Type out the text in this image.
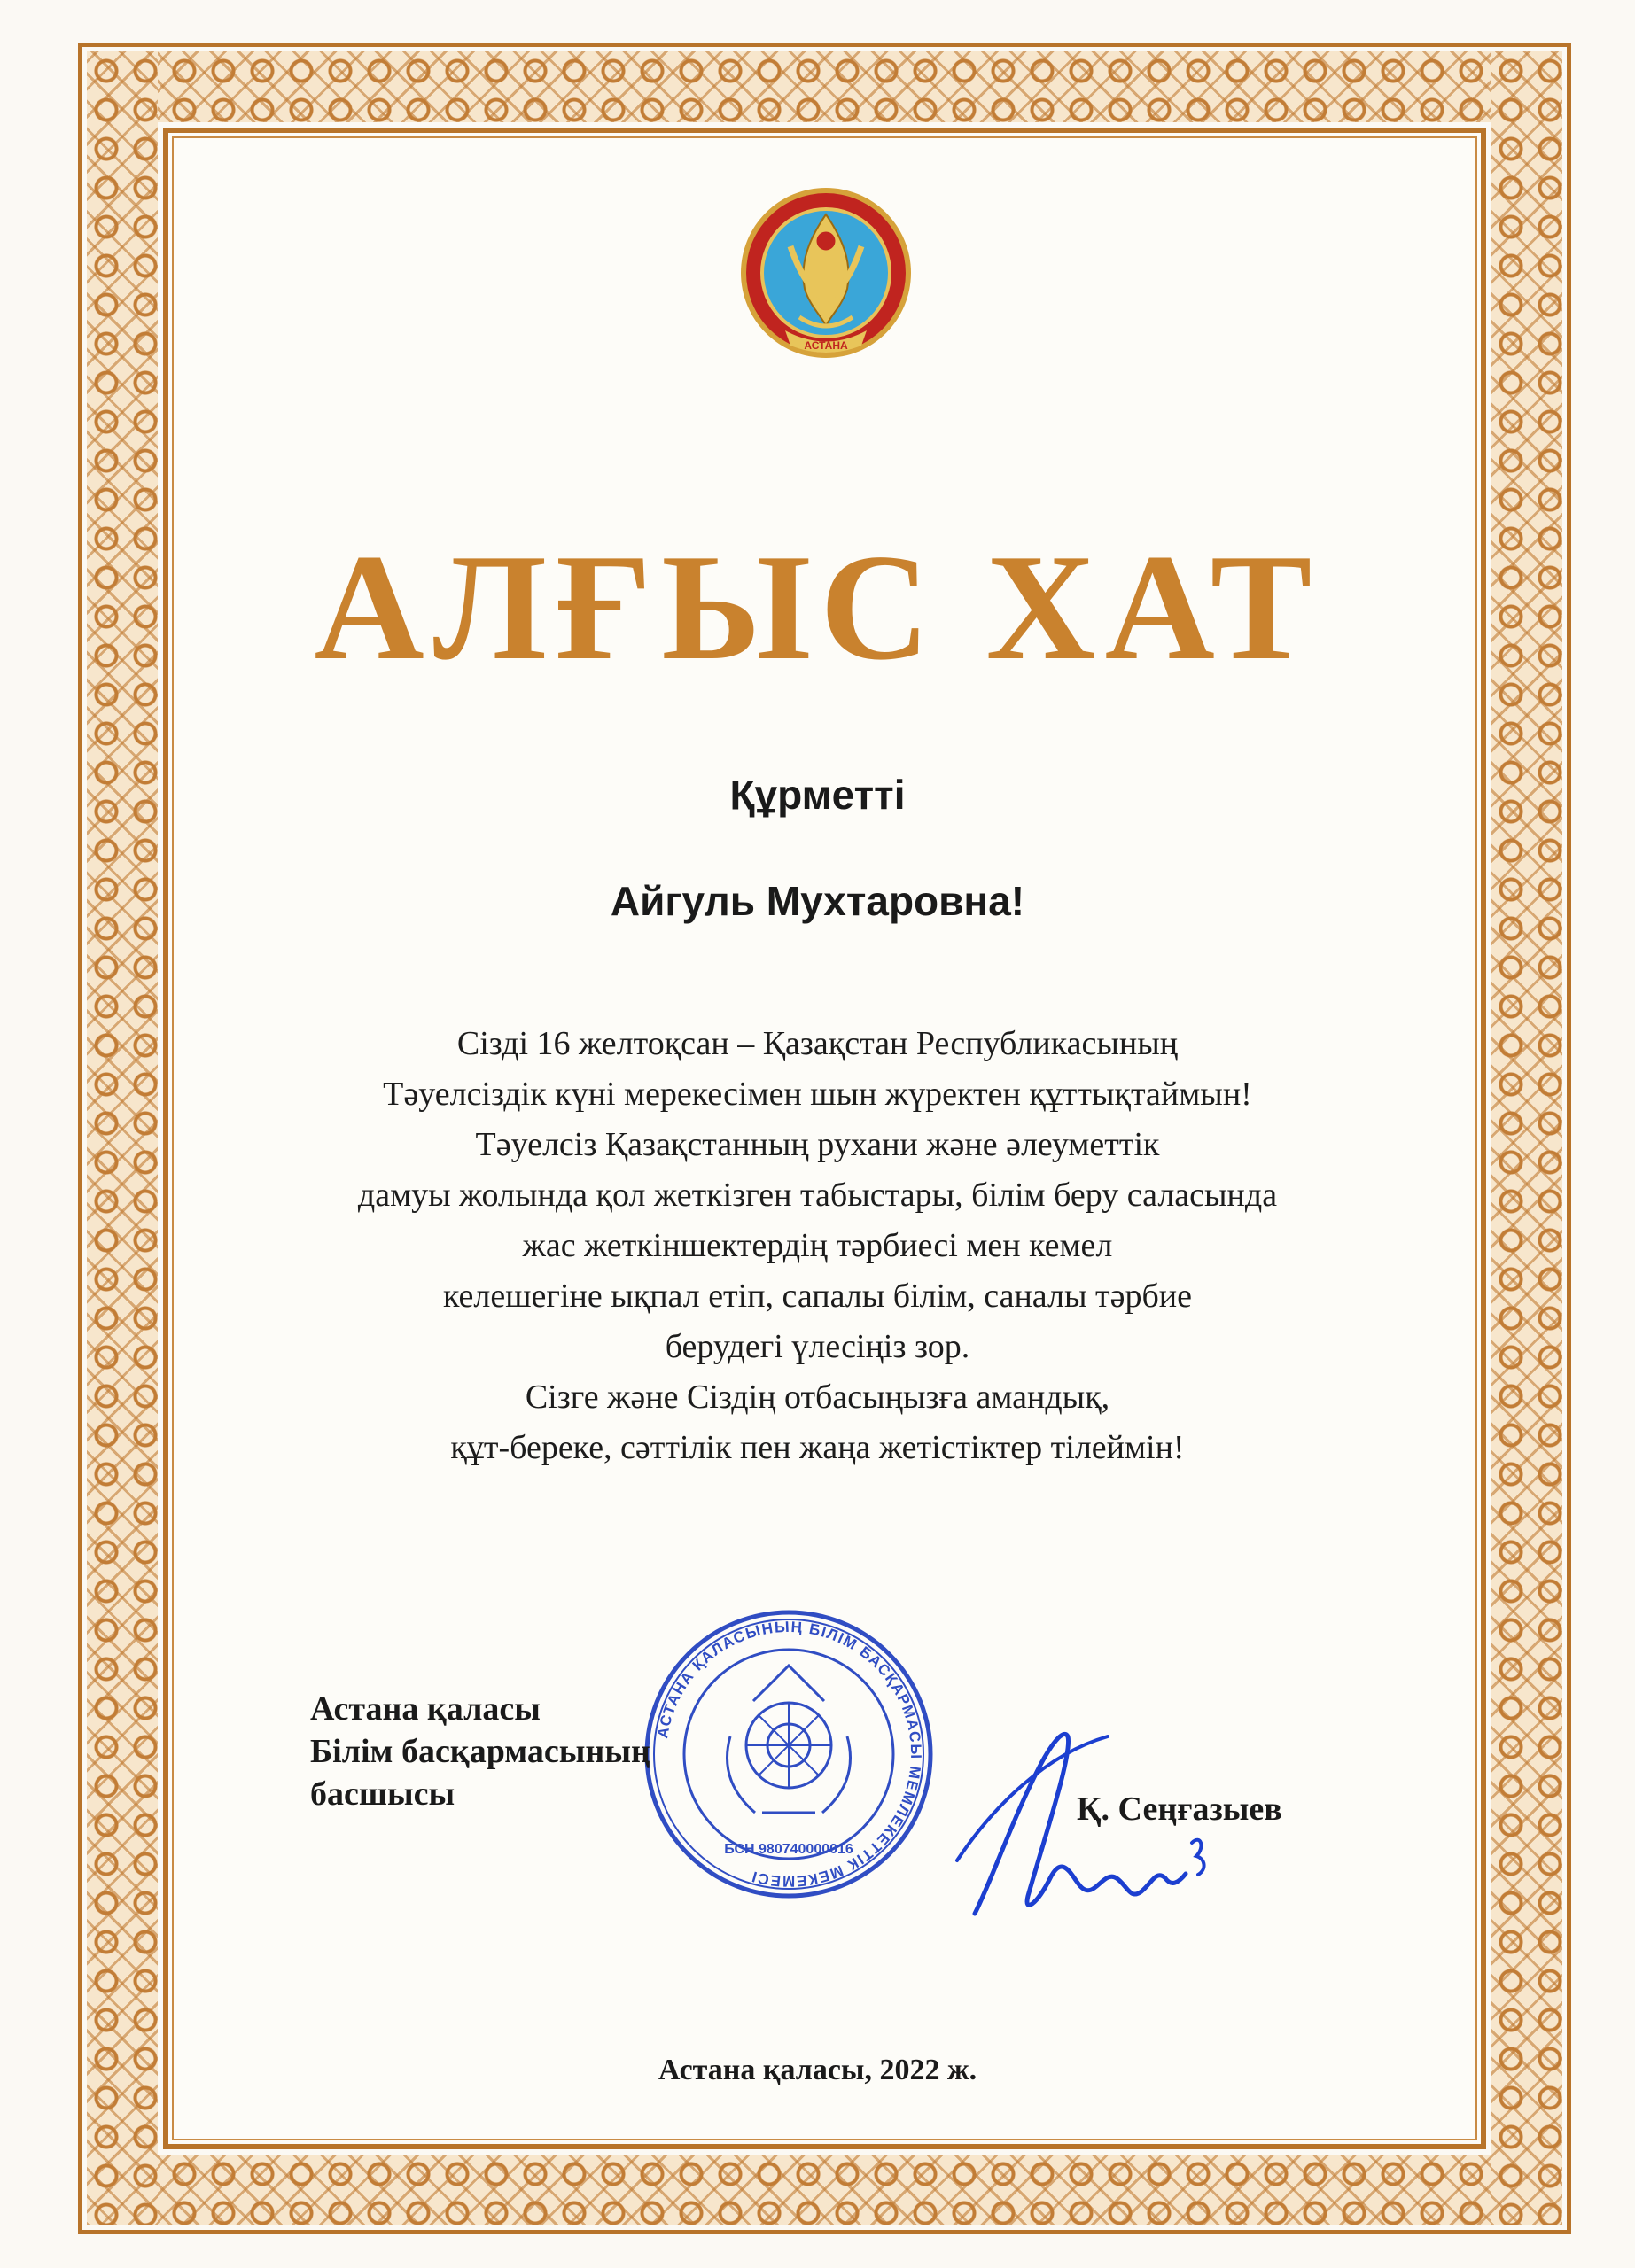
АСТАНА
АЛҒЫС ХАТ
Құрметті
Айгуль Мухтаровна!
Сізді 16 желтоқсан – Қазақстан Республикасының
Тәуелсіздік күні мерекесімен шын жүректен құттықтаймын!
Тәуелсіз Қазақстанның рухани және әлеуметтік
дамуы жолында қол жеткізген табыстары, білім беру саласында
жас жеткіншектердің тәрбиесі мен кемел
келешегіне ықпал етіп, сапалы білім, саналы тәрбие
берудегі үлесіңіз зор.
Сізге және Сіздің отбасыңызға амандық,
құт-береке, сәттілік пен жаңа жетістіктер тілеймін!
АСТАНА ҚАЛАСЫНЫҢ БІЛІМ БАСҚАРМАСЫ МЕМЛЕКЕТТІК МЕКЕМЕСІ
БСН 980740000016
Астана қаласы
Білім басқармасының
басшысы	Қ. Сеңғазыев
Астана қаласы, 2022 ж.
